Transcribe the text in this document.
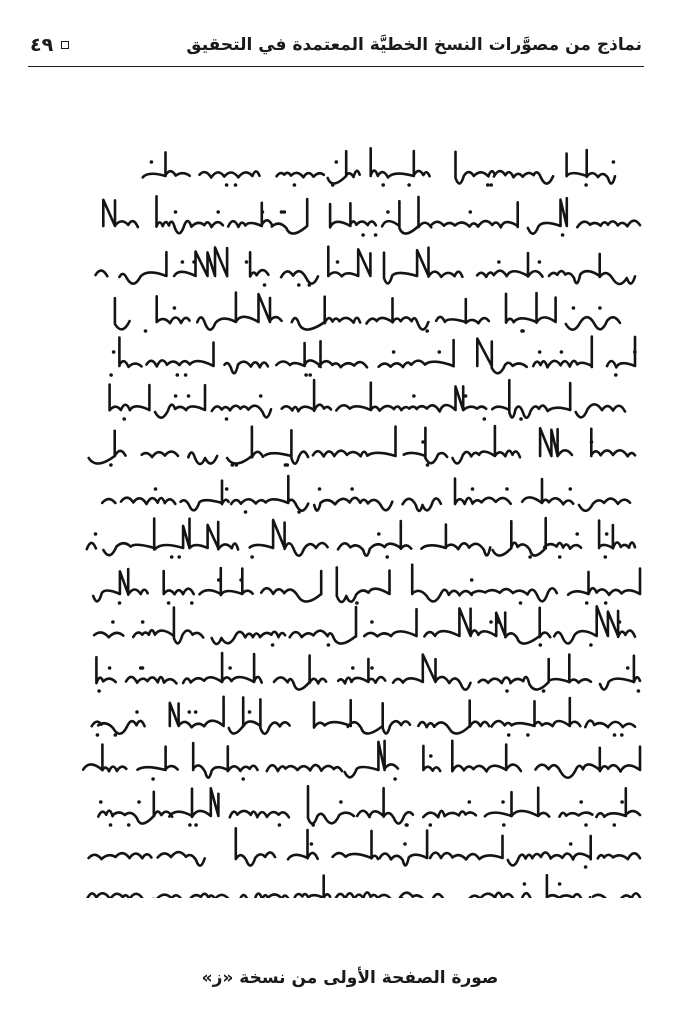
نماذج من مصوَّرات النسخ الخطيَّة المعتمدة في التحقيق
٤٩
صورة الصفحة الأولى من نسخة «ز»
